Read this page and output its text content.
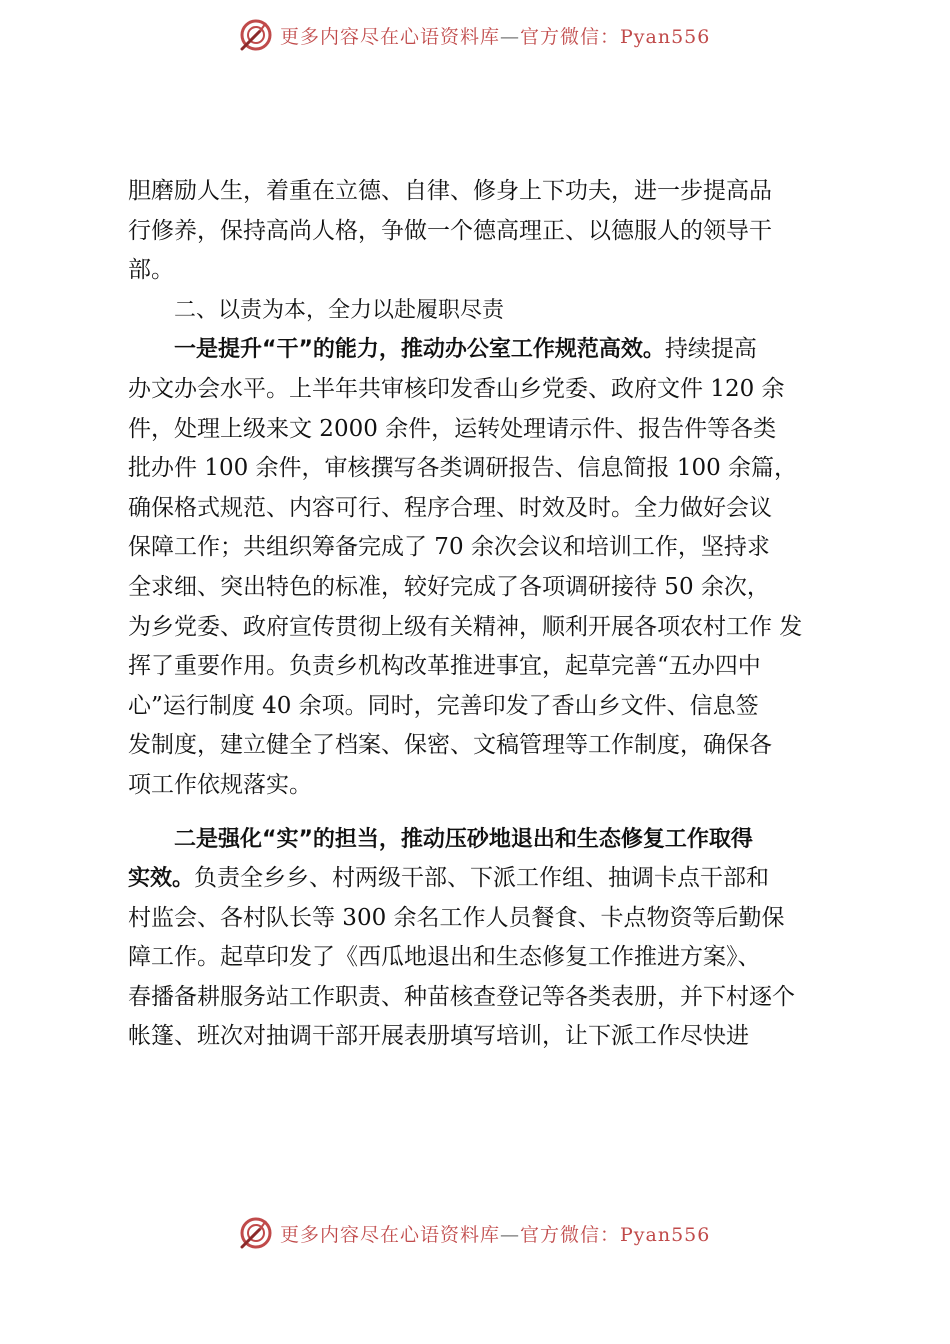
更多内容尽在心语资料库—官方微信：Pyan556
胆磨励人生，着重在立德、自律、修身上下功夫，进一步提高品
行修养，保持高尚人格，争做一个德高理正、以德服人的领导干
部。
二、以责为本，全力以赴履职尽责
一是提升“干”的能力，推动办公室工作规范高效。持续提高
办文办会水平。上半年共审核印发香山乡党委、政府文件 120 余
件，处理上级来文 2000 余件，运转处理请示件、报告件等各类
批办件 100 余件，审核撰写各类调研报告、信息简报 100 余篇，
确保格式规范、内容可行、程序合理、时效及时。全力做好会议
保障工作；共组织筹备完成了 70 余次会议和培训工作，坚持求
全求细、突出特色的标准，较好完成了各项调研接待 50 余次，
为乡党委、政府宣传贯彻上级有关精神，顺利开展各项农村工作 发
挥了重要作用。负责乡机构改革推进事宜，起草完善“五办四中
心”运行制度 40 余项。同时，完善印发了香山乡文件、信息签
发制度，建立健全了档案、保密、文稿管理等工作制度，确保各
项工作依规落实。
二是强化“实”的担当，推动压砂地退出和生态修复工作取得
实效。负责全乡乡、村两级干部、下派工作组、抽调卡点干部和
村监会、各村队长等 300 余名工作人员餐食、卡点物资等后勤保
障工作。起草印发了《西瓜地退出和生态修复工作推进方案》、
春播备耕服务站工作职责、种苗核查登记等各类表册，并下村逐个
帐篷、班次对抽调干部开展表册填写培训，让下派工作尽快进
更多内容尽在心语资料库—官方微信：Pyan556
